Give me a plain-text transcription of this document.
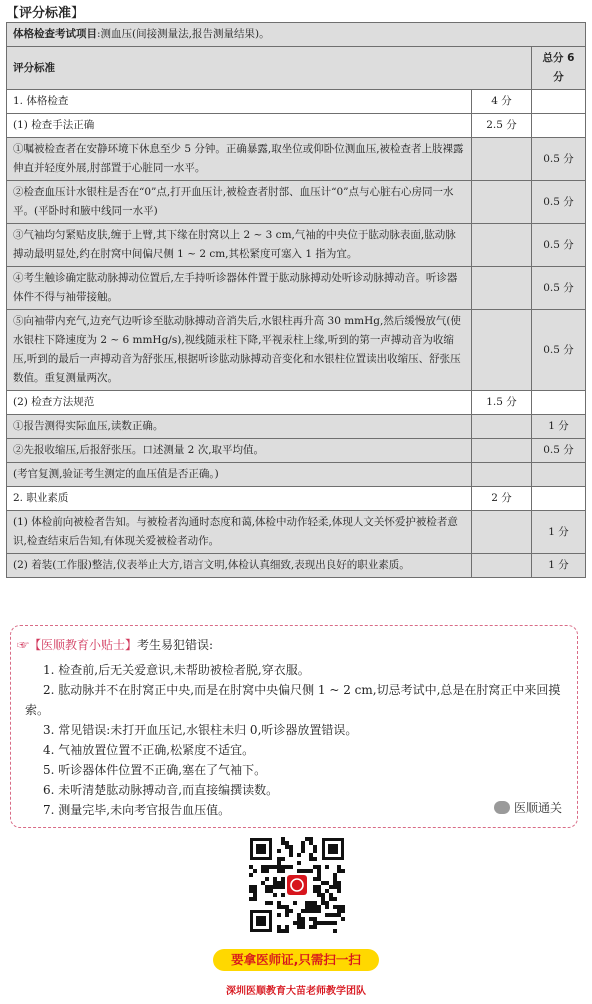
【评分标准】
体格检查考试项目:测血压(间接测量法,报告测量结果)。		
评分标准		总分 6 分
1. 体格检查	4 分	
(1) 检查手法正确	2.5 分	
①嘱被检查者在安静环境下休息至少 5 分钟。正确暴露,取坐位或仰卧位测血压,被检查者上肢裸露伸直并轻度外展,肘部置于心脏同一水平。		0.5 分
②检查血压计水银柱是否在“0”点,打开血压计,被检查者肘部、血压计“0”点与心脏右心房同一水平。(平卧时和腋中线同一水平)		0.5 分
③气袖均匀紧贴皮肤,缠于上臂,其下缘在肘窝以上 2 ~ 3 cm,气袖的中央位于肱动脉表面,肱动脉搏动最明显处,约在肘窝中间偏尺侧 1 ~ 2 cm,其松紧度可塞入 1 指为宜。		0.5 分
④考生触诊确定肱动脉搏动位置后,左手持听诊器体件置于肱动脉搏动处听诊动脉搏动音。听诊器体件不得与袖带接触。		0.5 分
⑤向袖带内充气,边充气边听诊至肱动脉搏动音消失后,水银柱再升高 30 mmHg,然后缓慢放气(使水银柱下降速度为 2 ~ 6 mmHg/s),视线随汞柱下降,平视汞柱上缘,听到的第一声搏动音为收缩压,听到的最后一声搏动音为舒张压,根据听诊肱动脉搏动音变化和水银柱位置读出收缩压、舒张压数值。重复测量两次。		0.5 分
(2) 检查方法规范	1.5 分	
①报告测得实际血压,读数正确。		1 分
②先报收缩压,后报舒张压。口述测量 2 次,取平均值。		0.5 分
(考官复测,验证考生测定的血压值是否正确。)		
2. 职业素质	2 分	
(1) 体检前向被检者告知。与被检者沟通时态度和蔼,体检中动作轻柔,体现人文关怀爱护被检者意识,检查结束后告知,有体现关爱被检者动作。		1 分
(2) 着装(工作服)整洁,仪表举止大方,语言文明,体检认真细致,表现出良好的职业素质。		1 分
☞【医顺教育小贴士】考生易犯错误:
1. 检查前,后无关爱意识,未帮助被检者脱,穿衣服。
2. 肱动脉并不在肘窝正中央,而是在肘窝中央偏尺侧 1 ~ 2 cm,切忌考试中,总是在肘窝正中来回摸索。
3. 常见错误:未打开血压记,水银柱未归 0,听诊器放置错误。
4. 气袖放置位置不正确,松紧度不适宜。
5. 听诊器体件位置不正确,塞在了气袖下。
6. 未听清楚肱动脉搏动音,而直接编撰读数。
7. 测量完毕,未向考官报告血压值。	医顺通关
要拿医师证,只需扫一扫
深圳医顺教育大苗老师教学团队
